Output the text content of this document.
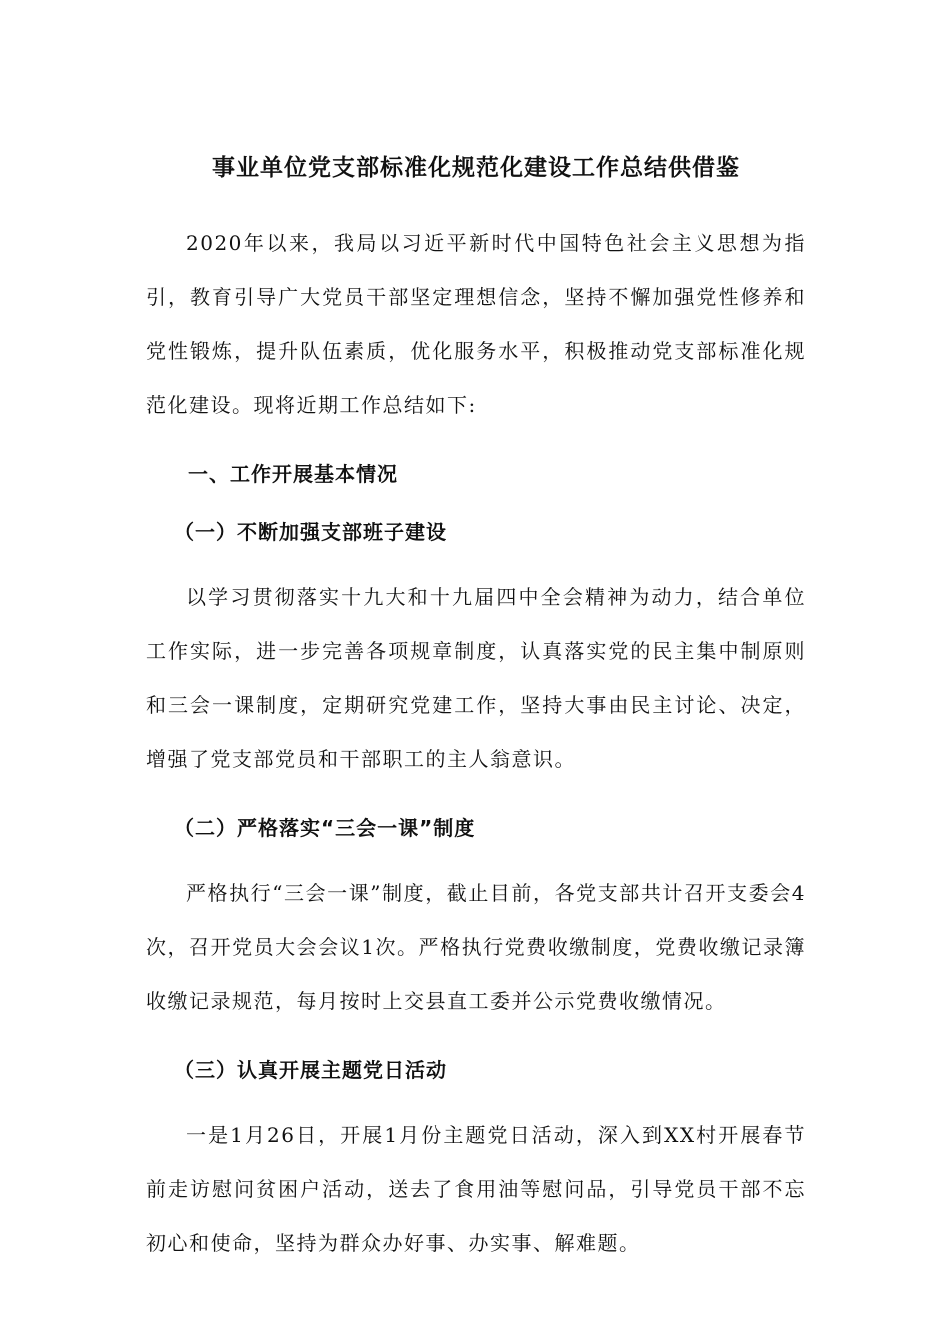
事业单位党支部标准化规范化建设工作总结供借鉴

2020年以来，我局以习近平新时代中国特色社会主义思想为指引，教育引导广大党员干部坚定理想信念，坚持不懈加强党性修养和党性锻炼，提升队伍素质，优化服务水平，积极推动党支部标准化规范化建设。现将近期工作总结如下:

一、工作开展基本情况
（一）不断加强支部班子建设

以学习贯彻落实十九大和十九届四中全会精神为动力，结合单位工作实际，进一步完善各项规章制度，认真落实党的民主集中制原则和三会一课制度，定期研究党建工作，坚持大事由民主讨论、决定，增强了党支部党员和干部职工的主人翁意识。

（二）严格落实“三会一课”制度

严格执行“三会一课”制度，截止目前，各党支部共计召开支委会4次，召开党员大会会议1次。严格执行党费收缴制度，党费收缴记录簿收缴记录规范，每月按时上交县直工委并公示党费收缴情况。

（三）认真开展主题党日活动

一是1月26日，开展1月份主题党日活动，深入到XX村开展春节前走访慰问贫困户活动，送去了食用油等慰问品，引导党员干部不忘初心和使命，坚持为群众办好事、办实事、解难题。
